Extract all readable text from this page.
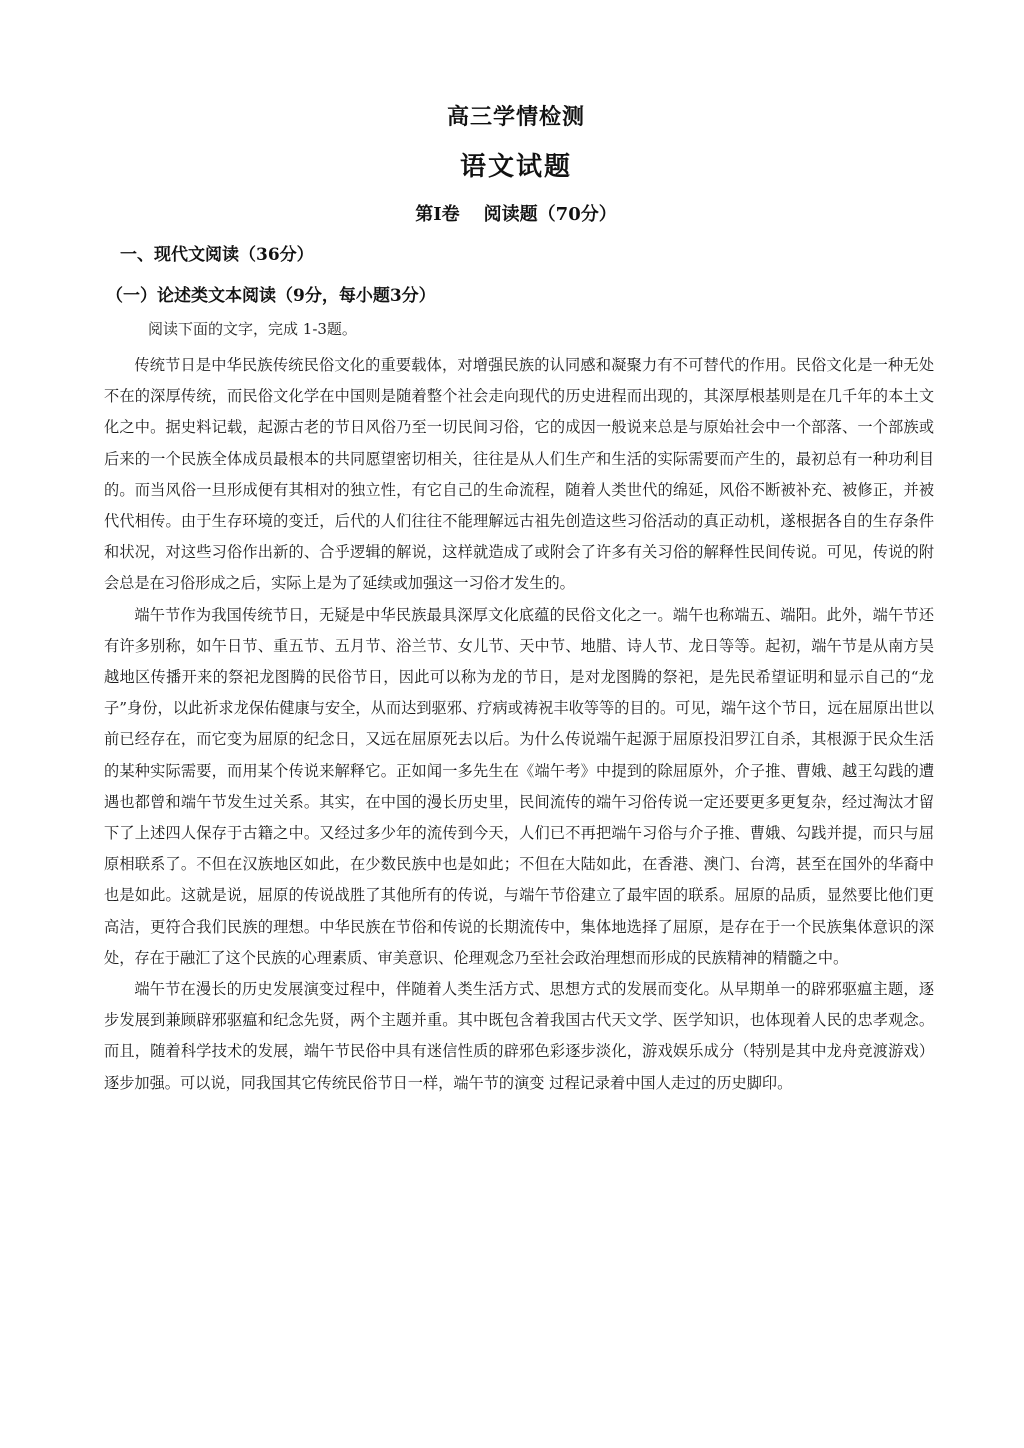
高三学情检测
语文试题
第Ⅰ卷 阅读题（70分）
一、现代文阅读（36分）
（一）论述类文本阅读（9分，每小题3分）
阅读下面的文字，完成 1-3题。

传统节日是中华民族传统民俗文化的重要载体，对增强民族的认同感和凝聚力有不可替代的作用。民俗文化是一种无处不在的深厚传统，而民俗文化学在中国则是随着整个社会走向现代的历史进程而出现的，其深厚根基则是在几千年的本土文化之中。据史料记载，起源古老的节日风俗乃至一切民间习俗，它的成因一般说来总是与原始社会中一个部落、一个部族或后来的一个民族全体成员最根本的共同愿望密切相关，往往是从人们生产和生活的实际需要而产生的，最初总有一种功利目的。而当风俗一旦形成便有其相对的独立性，有它自己的生命流程，随着人类世代的绵延，风俗不断被补充、被修正，并被代代相传。由于生存环境的变迁，后代的人们往往不能理解远古祖先创造这些习俗活动的真正动机，遂根据各自的生存条件和状况，对这些习俗作出新的、合乎逻辑的解说，这样就造成了或附会了许多有关习俗的解释性民间传说。可见，传说的附会总是在习俗形成之后，实际上是为了延续或加强这一习俗才发生的。

端午节作为我国传统节日，无疑是中华民族最具深厚文化底蕴的民俗文化之一。端午也称端五、端阳。此外，端午节还有许多别称，如午日节、重五节、五月节、浴兰节、女儿节、天中节、地腊、诗人节、龙日等等。起初，端午节是从南方吴越地区传播开来的祭祀龙图腾的民俗节日，因此可以称为龙的节日，是对龙图腾的祭祀，是先民希望证明和显示自己的“龙子”身份，以此祈求龙保佑健康与安全，从而达到驱邪、疗病或祷祝丰收等等的目的。可见，端午这个节日，远在屈原出世以前已经存在，而它变为屈原的纪念日，又远在屈原死去以后。为什么传说端午起源于屈原投汨罗江自杀，其根源于民众生活的某种实际需要，而用某个传说来解释它。正如闻一多先生在《端午考》中提到的除屈原外，介子推、曹娥、越王勾践的遭遇也都曾和端午节发生过关系。其实，在中国的漫长历史里，民间流传的端午习俗传说一定还要更多更复杂，经过淘汰才留下了上述四人保存于古籍之中。又经过多少年的流传到今天，人们已不再把端午习俗与介子推、曹娥、勾践并提，而只与屈原相联系了。不但在汉族地区如此，在少数民族中也是如此；不但在大陆如此，在香港、澳门、台湾，甚至在国外的华裔中也是如此。这就是说，屈原的传说战胜了其他所有的传说，与端午节俗建立了最牢固的联系。屈原的品质，显然要比他们更高洁，更符合我们民族的理想。中华民族在节俗和传说的长期流传中，集体地选择了屈原，是存在于一个民族集体意识的深处，存在于融汇了这个民族的心理素质、审美意识、伦理观念乃至社会政治理想而形成的民族精神的精髓之中。

端午节在漫长的历史发展演变过程中，伴随着人类生活方式、思想方式的发展而变化。从早期单一的辟邪驱瘟主题，逐步发展到兼顾辟邪驱瘟和纪念先贤，两个主题并重。其中既包含着我国古代天文学、医学知识，也体现着人民的忠孝观念。而且，随着科学技术的发展，端午节民俗中具有迷信性质的辟邪色彩逐步淡化，游戏娱乐成分（特别是其中龙舟竞渡游戏）逐步加强。可以说，同我国其它传统民俗节日一样，端午节的演变 过程记录着中国人走过的历史脚印。
